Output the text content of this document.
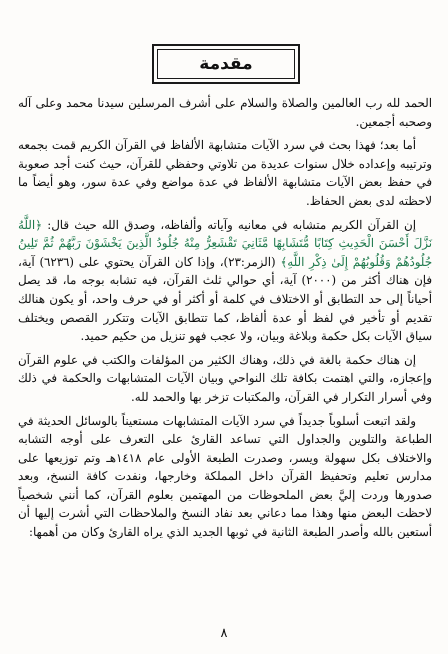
مقدمة

الحمد لله رب العالمين والصلاة والسلام على أشرف المرسلين سيدنا محمد وعلى آله وصحبه أجمعين.

أما بعد؛ فهذا بحث في سرد الآيات متشابهة الألفاظ في القرآن الكريم قمت بجمعه وترتيبه وإعداده خلال سنوات عديدة من تلاوتي وحفظي للقرآن، حيث كنت أجد صعوبة في حفظ بعض الآيات متشابهة الألفاظ في عدة مواضع وفي عدة سور، وهو أيضاً ما لاحظته لدى بعض الحفاظ.

إن القرآن الكريم متشابه في معانيه وآياته وألفاظه، وصدق الله حيث قال: ﴿اللَّهُ نَزَّلَ أَحْسَنَ الْحَدِيثِ كِتَابًا مُّتَشَابِهًا مَّثَانِيَ تَقْشَعِرُّ مِنْهُ جُلُودُ الَّذِينَ يَخْشَوْنَ رَبَّهُمْ ثُمَّ تَلِينُ جُلُودُهُمْ وَقُلُوبُهُمْ إِلَىٰ ذِكْرِ اللَّهِ﴾ (الزمر:٢٣)، وإذا كان القرآن يحتوي على (٦٢٣٦) آية، فإن هناك أكثر من (٢٠٠٠) آية، أي حوالي ثلث القرآن، فيه تشابه بوجه ما، قد يصل أحياناً إلى حد التطابق أو الاختلاف في كلمة أو أكثر أو في حرف واحد، أو يكون هنالك تقديم أو تأخير في لفظ أو عدة ألفاظ، كما تتطابق الآيات وتتكرر القصص ويختلف سياق الآيات بكل حكمة وبلاغة وبيان، ولا عجب فهو تنزيل من حكيم حميد.

إن هناك حكمة بالغة في ذلك، وهناك الكثير من المؤلفات والكتب في علوم القرآن وإعجازه، والتي اهتمت بكافة تلك النواحي وبيان الآيات المتشابهات والحكمة في ذلك وفي أسرار التكرار في القرآن، والمكتبات تزخر بها والحمد لله.

ولقد اتبعت أسلوباً جديداً في سرد الآيات المتشابهات مستعيناً بالوسائل الحديثة في الطباعة والتلوين والجداول التي تساعد القارئ على التعرف على أوجه التشابه والاختلاف بكل سهولة ويسر، وصدرت الطبعة الأولى عام ١٤١٨هـ وتم توزيعها على مدارس تعليم وتحفيظ القرآن داخل المملكة وخارجها، ونفدت كافة النسخ، وبعد صدورها وردت إليَّ بعض الملحوظات من المهتمين بعلوم القرآن، كما أنني شخصياً لاحظت البعض منها وهذا مما دعاني بعد نفاد النسخ والملاحظات التي أشرت إليها أن أستعين بالله وأصدر الطبعة الثانية في ثوبها الجديد الذي يراه القارئ وكان من أهمها:

٨
